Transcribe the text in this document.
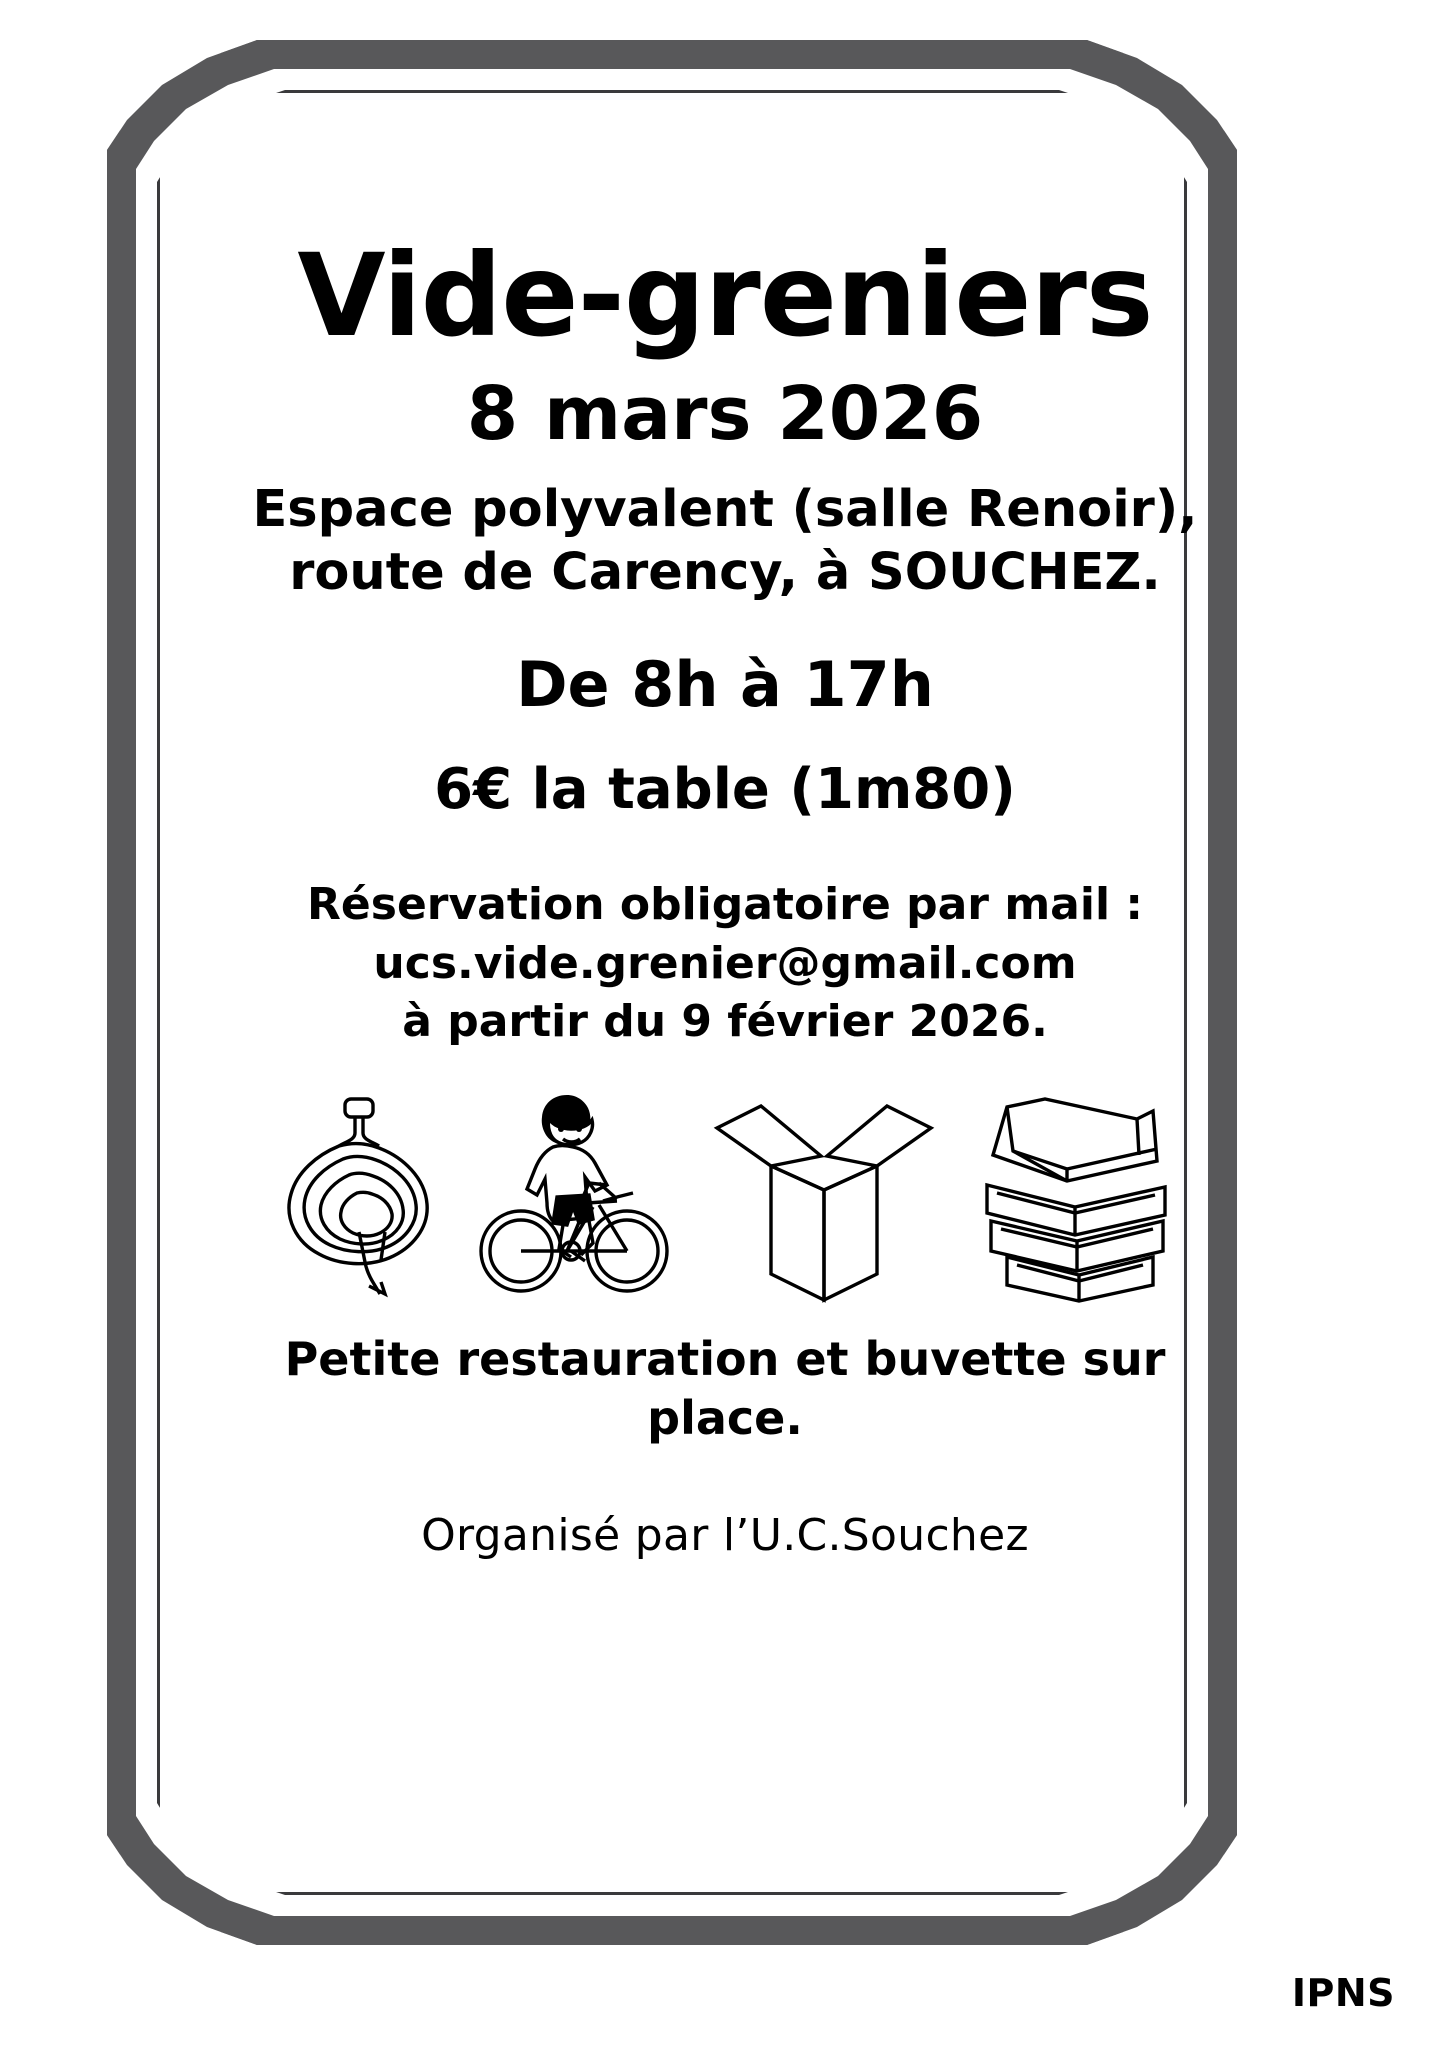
Vide-greniers
8 mars 2026
Espace polyvalent (salle Renoir),
route de Carency, à SOUCHEZ.
De 8h à 17h
6€ la table (1m80)
Réservation obligatoire par mail :
ucs.vide.grenier@gmail.com
à partir du 9 février 2026.
Petite restauration et buvette sur
place.
Organisé par l’U.C.Souchez
IPNS
